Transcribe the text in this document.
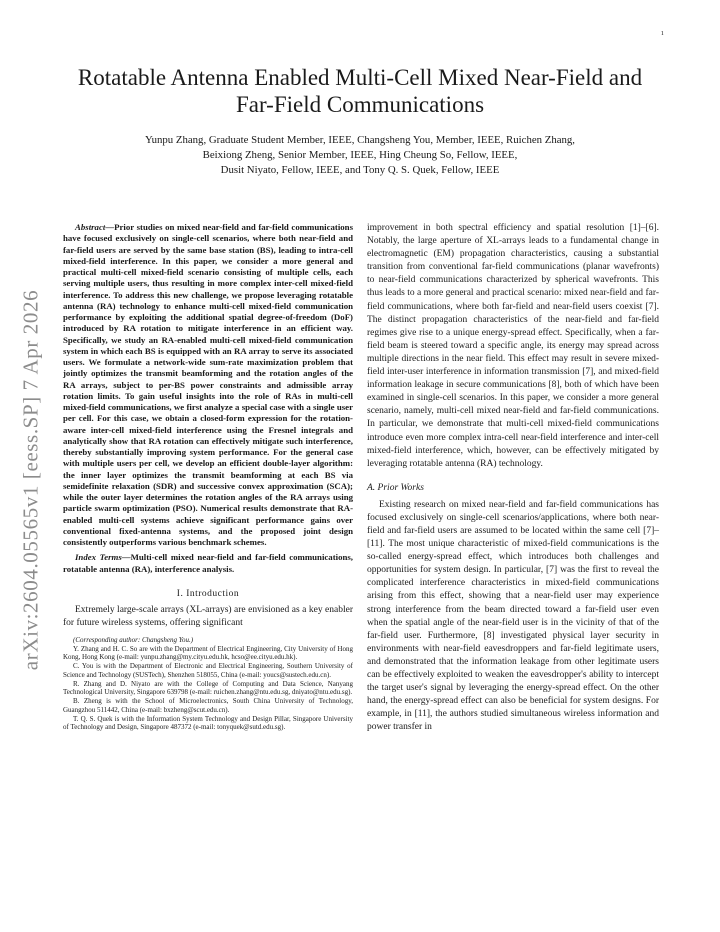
1
arXiv:2604.05565v1 [eess.SP] 7 Apr 2026
Rotatable Antenna Enabled Multi-Cell Mixed Near-Field and Far-Field Communications
Yunpu Zhang, Graduate Student Member, IEEE, Changsheng You, Member, IEEE, Ruichen Zhang,
Beixiong Zheng, Senior Member, IEEE, Hing Cheung So, Fellow, IEEE,
Dusit Niyato, Fellow, IEEE, and Tony Q. S. Quek, Fellow, IEEE

Abstract—Prior studies on mixed near-field and far-field communications have focused exclusively on single-cell scenarios, where both near-field and far-field users are served by the same base station (BS), leading to intra-cell mixed-field interference. In this paper, we consider a more general and practical multi-cell mixed-field scenario consisting of multiple cells, each serving multiple users, thus resulting in more complex inter-cell mixed-field interference. To address this new challenge, we propose leveraging rotatable antenna (RA) technology to enhance multi-cell mixed-field communication performance by exploiting the additional spatial degree-of-freedom (DoF) introduced by RA rotation to mitigate interference in an efficient way. Specifically, we study an RA-enabled multi-cell mixed-field communication system in which each BS is equipped with an RA array to serve its associated users. We formulate a network-wide sum-rate maximization problem that jointly optimizes the transmit beamforming and the rotation angles of the RA arrays, subject to per-BS power constraints and admissible array rotation limits. To gain useful insights into the role of RAs in multi-cell mixed-field communications, we first analyze a special case with a single user per cell. For this case, we obtain a closed-form expression for the rotation-aware inter-cell mixed-field interference using the Fresnel integrals and analytically show that RA rotation can effectively mitigate such interference, thereby substantially improving system performance. For the general case with multiple users per cell, we develop an efficient double-layer algorithm: the inner layer optimizes the transmit beamforming at each BS via semidefinite relaxation (SDR) and successive convex approximation (SCA); while the outer layer determines the rotation angles of the RA arrays using particle swarm optimization (PSO). Numerical results demonstrate that RA-enabled multi-cell systems achieve significant performance gains over conventional fixed-antenna systems, and the proposed joint design consistently outperforms various benchmark schemes.

Index Terms—Multi-cell mixed near-field and far-field communications, rotatable antenna (RA), interference analysis.

I. Introduction

Extremely large-scale arrays (XL-arrays) are envisioned as a key enabler for future wireless systems, offering significant

(Corresponding author: Changsheng You.)

Y. Zhang and H. C. So are with the Department of Electrical Engineering, City University of Hong Kong, Hong Kong (e-mail: yunpu.zhang@my.cityu.edu.hk, hcso@ee.cityu.edu.hk).

C. You is with the Department of Electronic and Electrical Engineering, Southern University of Science and Technology (SUSTech), Shenzhen 518055, China (e-mail: youcs@sustech.edu.cn).

R. Zhang and D. Niyato are with the College of Computing and Data Science, Nanyang Technological University, Singapore 639798 (e-mail: ruichen.zhang@ntu.edu.sg, dniyato@ntu.edu.sg).

B. Zheng is with the School of Microelectronics, South China University of Technology, Guangzhou 511442, China (e-mail: bxzheng@scut.edu.cn).

T. Q. S. Quek is with the Information System Technology and Design Pillar, Singapore University of Technology and Design, Singapore 487372 (e-mail: tonyquek@sutd.edu.sg).

improvement in both spectral efficiency and spatial resolution [1]–[6]. Notably, the large aperture of XL-arrays leads to a fundamental change in electromagnetic (EM) propagation characteristics, causing a substantial transition from conventional far-field communications (planar wavefronts) to near-field communications characterized by spherical wavefronts. This thus leads to a more general and practical scenario: mixed near-field and far-field communications, where both far-field and near-field users coexist [7]. The distinct propagation characteristics of the near-field and far-field regimes give rise to a unique energy-spread effect. Specifically, when a far-field beam is steered toward a specific angle, its energy may spread across multiple directions in the near field. This effect may result in severe mixed-field inter-user interference in information transmission [7], and mixed-field information leakage in secure communications [8], both of which have been examined in single-cell scenarios. In this paper, we consider a more general scenario, namely, multi-cell mixed near-field and far-field communications. In particular, we demonstrate that multi-cell mixed-field communications introduce even more complex intra-cell near-field interference and inter-cell mixed-field interference, which, however, can be effectively mitigated by leveraging rotatable antenna (RA) technology.

A. Prior Works

Existing research on mixed near-field and far-field communications has focused exclusively on single-cell scenarios/applications, where both near-field and far-field users are assumed to be located within the same cell [7]–[11]. The most unique characteristic of mixed-field communications is the so-called energy-spread effect, which introduces both challenges and opportunities for system design. In particular, [7] was the first to reveal the complicated interference characteristics in mixed-field communications arising from this effect, showing that a near-field user may experience strong interference from the beam directed toward a far-field user even when the spatial angle of the near-field user is in the vicinity of that of the far-field user. Furthermore, [8] investigated physical layer security in environments with near-field eavesdroppers and far-field legitimate users, and demonstrated that the information leakage from other legitimate users can be effectively exploited to weaken the eavesdropper's ability to intercept the target user's signal by leveraging the energy-spread effect. On the other hand, the energy-spread effect can also be beneficial for system designs. For example, in [11], the authors studied simultaneous wireless information and power transfer in
